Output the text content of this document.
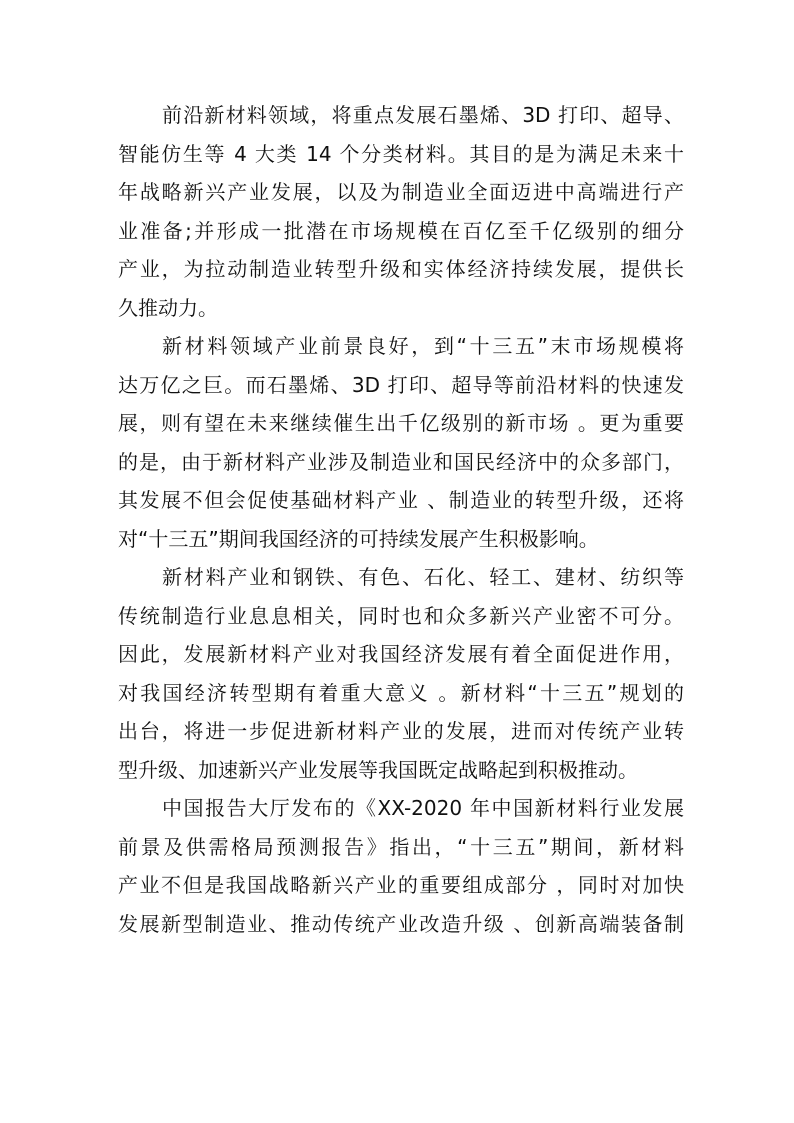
前沿新材料领域，将重点发展石墨烯、3D 打印、超导、
智能仿生等 4 大类 14 个分类材料。其目的是为满足未来十
年战略新兴产业发展，以及为制造业全面迈进中高端进行产
业准备;并形成一批潜在市场规模在百亿至千亿级别的细分
产业，为拉动制造业转型升级和实体经济持续发展，提供长
久推动力。
新材料领域产业前景良好，到“十三五”末市场规模将
达万亿之巨。而石墨烯、3D 打印、超导等前沿材料的快速发
展，则有望在未来继续催生出千亿级别的新市场 。更为重要
的是，由于新材料产业涉及制造业和国民经济中的众多部门，
其发展不但会促使基础材料产业 、制造业的转型升级，还将
对“十三五”期间我国经济的可持续发展产生积极影响。
新材料产业和钢铁、有色、石化、轻工、建材、纺织等
传统制造行业息息相关，同时也和众多新兴产业密不可分。
因此，发展新材料产业对我国经济发展有着全面促进作用，
对我国经济转型期有着重大意义 。新材料“十三五”规划的
出台，将进一步促进新材料产业的发展，进而对传统产业转
型升级、加速新兴产业发展等我国既定战略起到积极推动。
中国报告大厅发布的《XX-2020 年中国新材料行业发展
前景及供需格局预测报告》指出，“十三五”期间，新材料
产业不但是我国战略新兴产业的重要组成部分 ，同时对加快
发展新型制造业、推动传统产业改造升级 、创新高端装备制
